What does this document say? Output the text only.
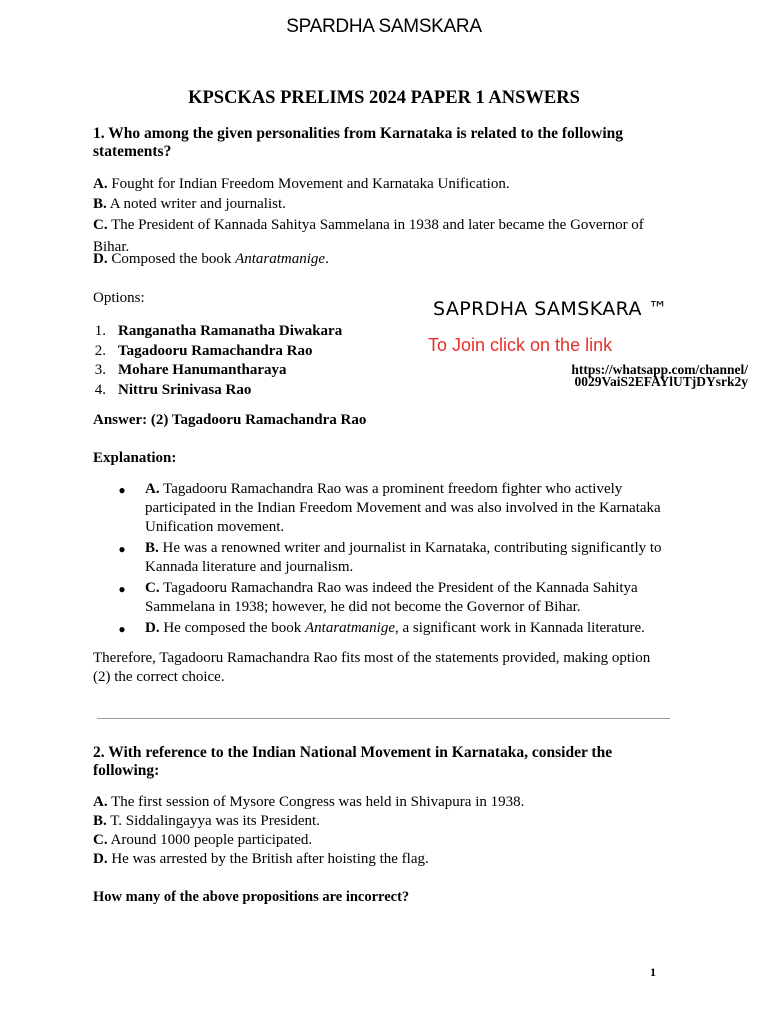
SPARDHA SAMSKARA
KPSCKAS PRELIMS 2024 PAPER 1 ANSWERS
1. Who among the given personalities from Karnataka is related to the following statements?
A. Fought for Indian Freedom Movement and Karnataka Unification.
B. A noted writer and journalist.
C. The President of Kannada Sahitya Sammelana in 1938 and later became the Governor of Bihar.
D. Composed the book Antaratmanige.
Options:
1. Ranganatha Ramanatha Diwakara
2. Tagadooru Ramachandra Rao
3. Mohare Hanumantharaya
4. Nittru Srinivasa Rao
SAPRDHA SAMSKARA ™
To Join click on the link
https://whatsapp.com/channel/
0029VaiS2EFAYlUTjDYsrk2y
Answer: (2) Tagadooru Ramachandra Rao
Explanation:
●	A. Tagadooru Ramachandra Rao was a prominent freedom fighter who actively participated in the Indian Freedom Movement and was also involved in the Karnataka Unification movement.
●	B. He was a renowned writer and journalist in Karnataka, contributing significantly to Kannada literature and journalism.
●	C. Tagadooru Ramachandra Rao was indeed the President of the Kannada Sahitya Sammelana in 1938; however, he did not become the Governor of Bihar.
●	D. He composed the book Antaratmanige, a significant work in Kannada literature.
Therefore, Tagadooru Ramachandra Rao fits most of the statements provided, making option (2) the correct choice.
2. With reference to the Indian National Movement in Karnataka, consider the following:
A. The first session of Mysore Congress was held in Shivapura in 1938.
B. T. Siddalingayya was its President.
C. Around 1000 people participated.
D. He was arrested by the British after hoisting the flag.
How many of the above propositions are incorrect?
1
